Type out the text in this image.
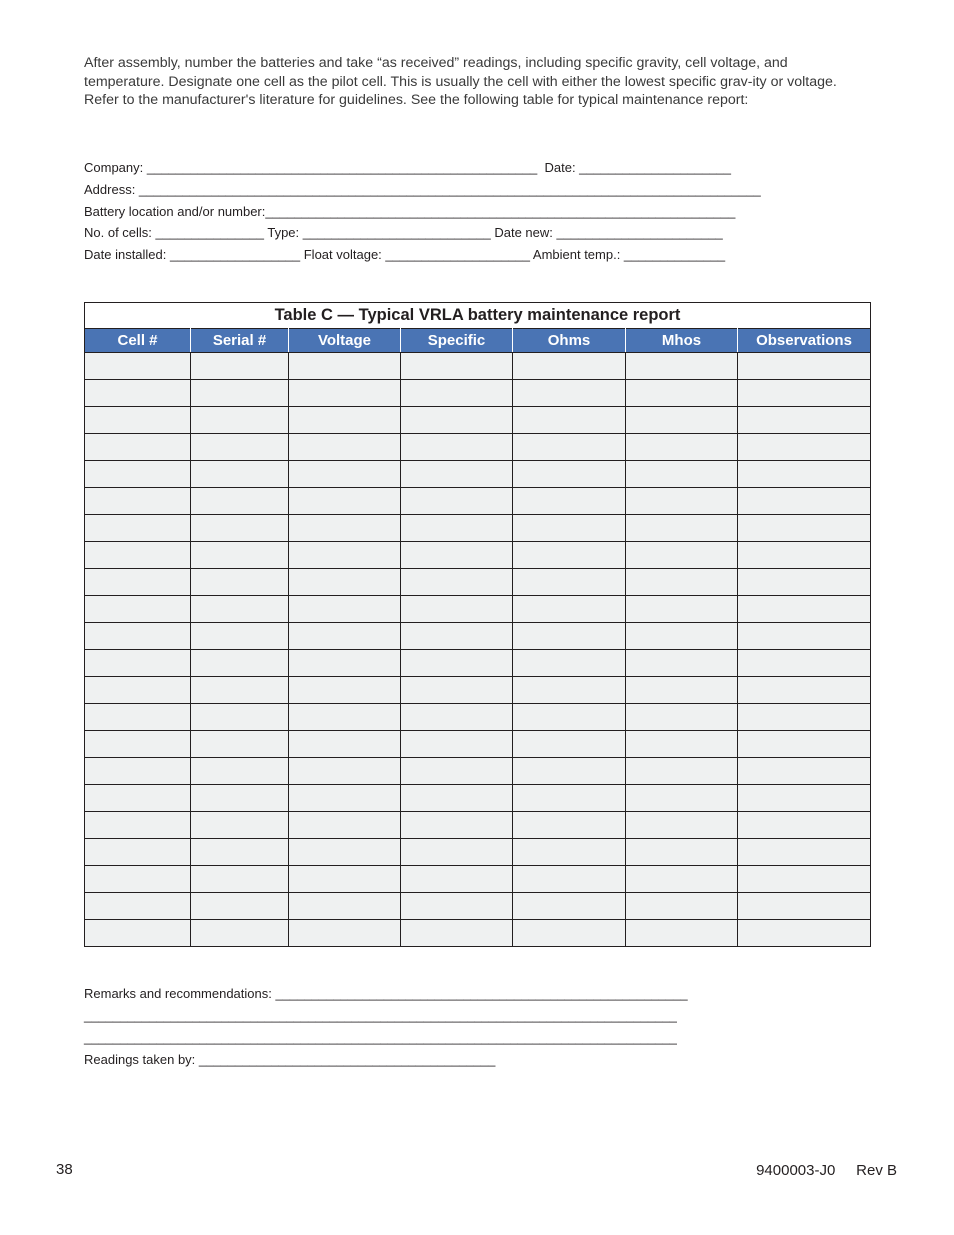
After assembly, number the batteries and take “as received” readings, including specific gravity, cell voltage, and temperature. Designate one cell as the pilot cell. This is usually the cell with either the lowest specific grav-ity or voltage. Refer to the manufacturer's literature for guidelines. See the following table for typical maintenance report:

Company: ______________________________________________________  Date: _____________________
Address: ______________________________________________________________________________________
Battery location and/or number:_________________________________________________________________
No. of cells: _______________ Type: __________________________ Date new: _______________________
Date installed: __________________ Float voltage: ____________________ Ambient temp.: ______________
Table C — Typical VRLA battery maintenance report
Cell #	Serial #	Voltage	Specific	Ohms	Mhos	Observations

Remarks and recommendations: _________________________________________________________
__________________________________________________________________________________
__________________________________________________________________________________
Readings taken by: _________________________________________
38	9400003-J0     Rev B
